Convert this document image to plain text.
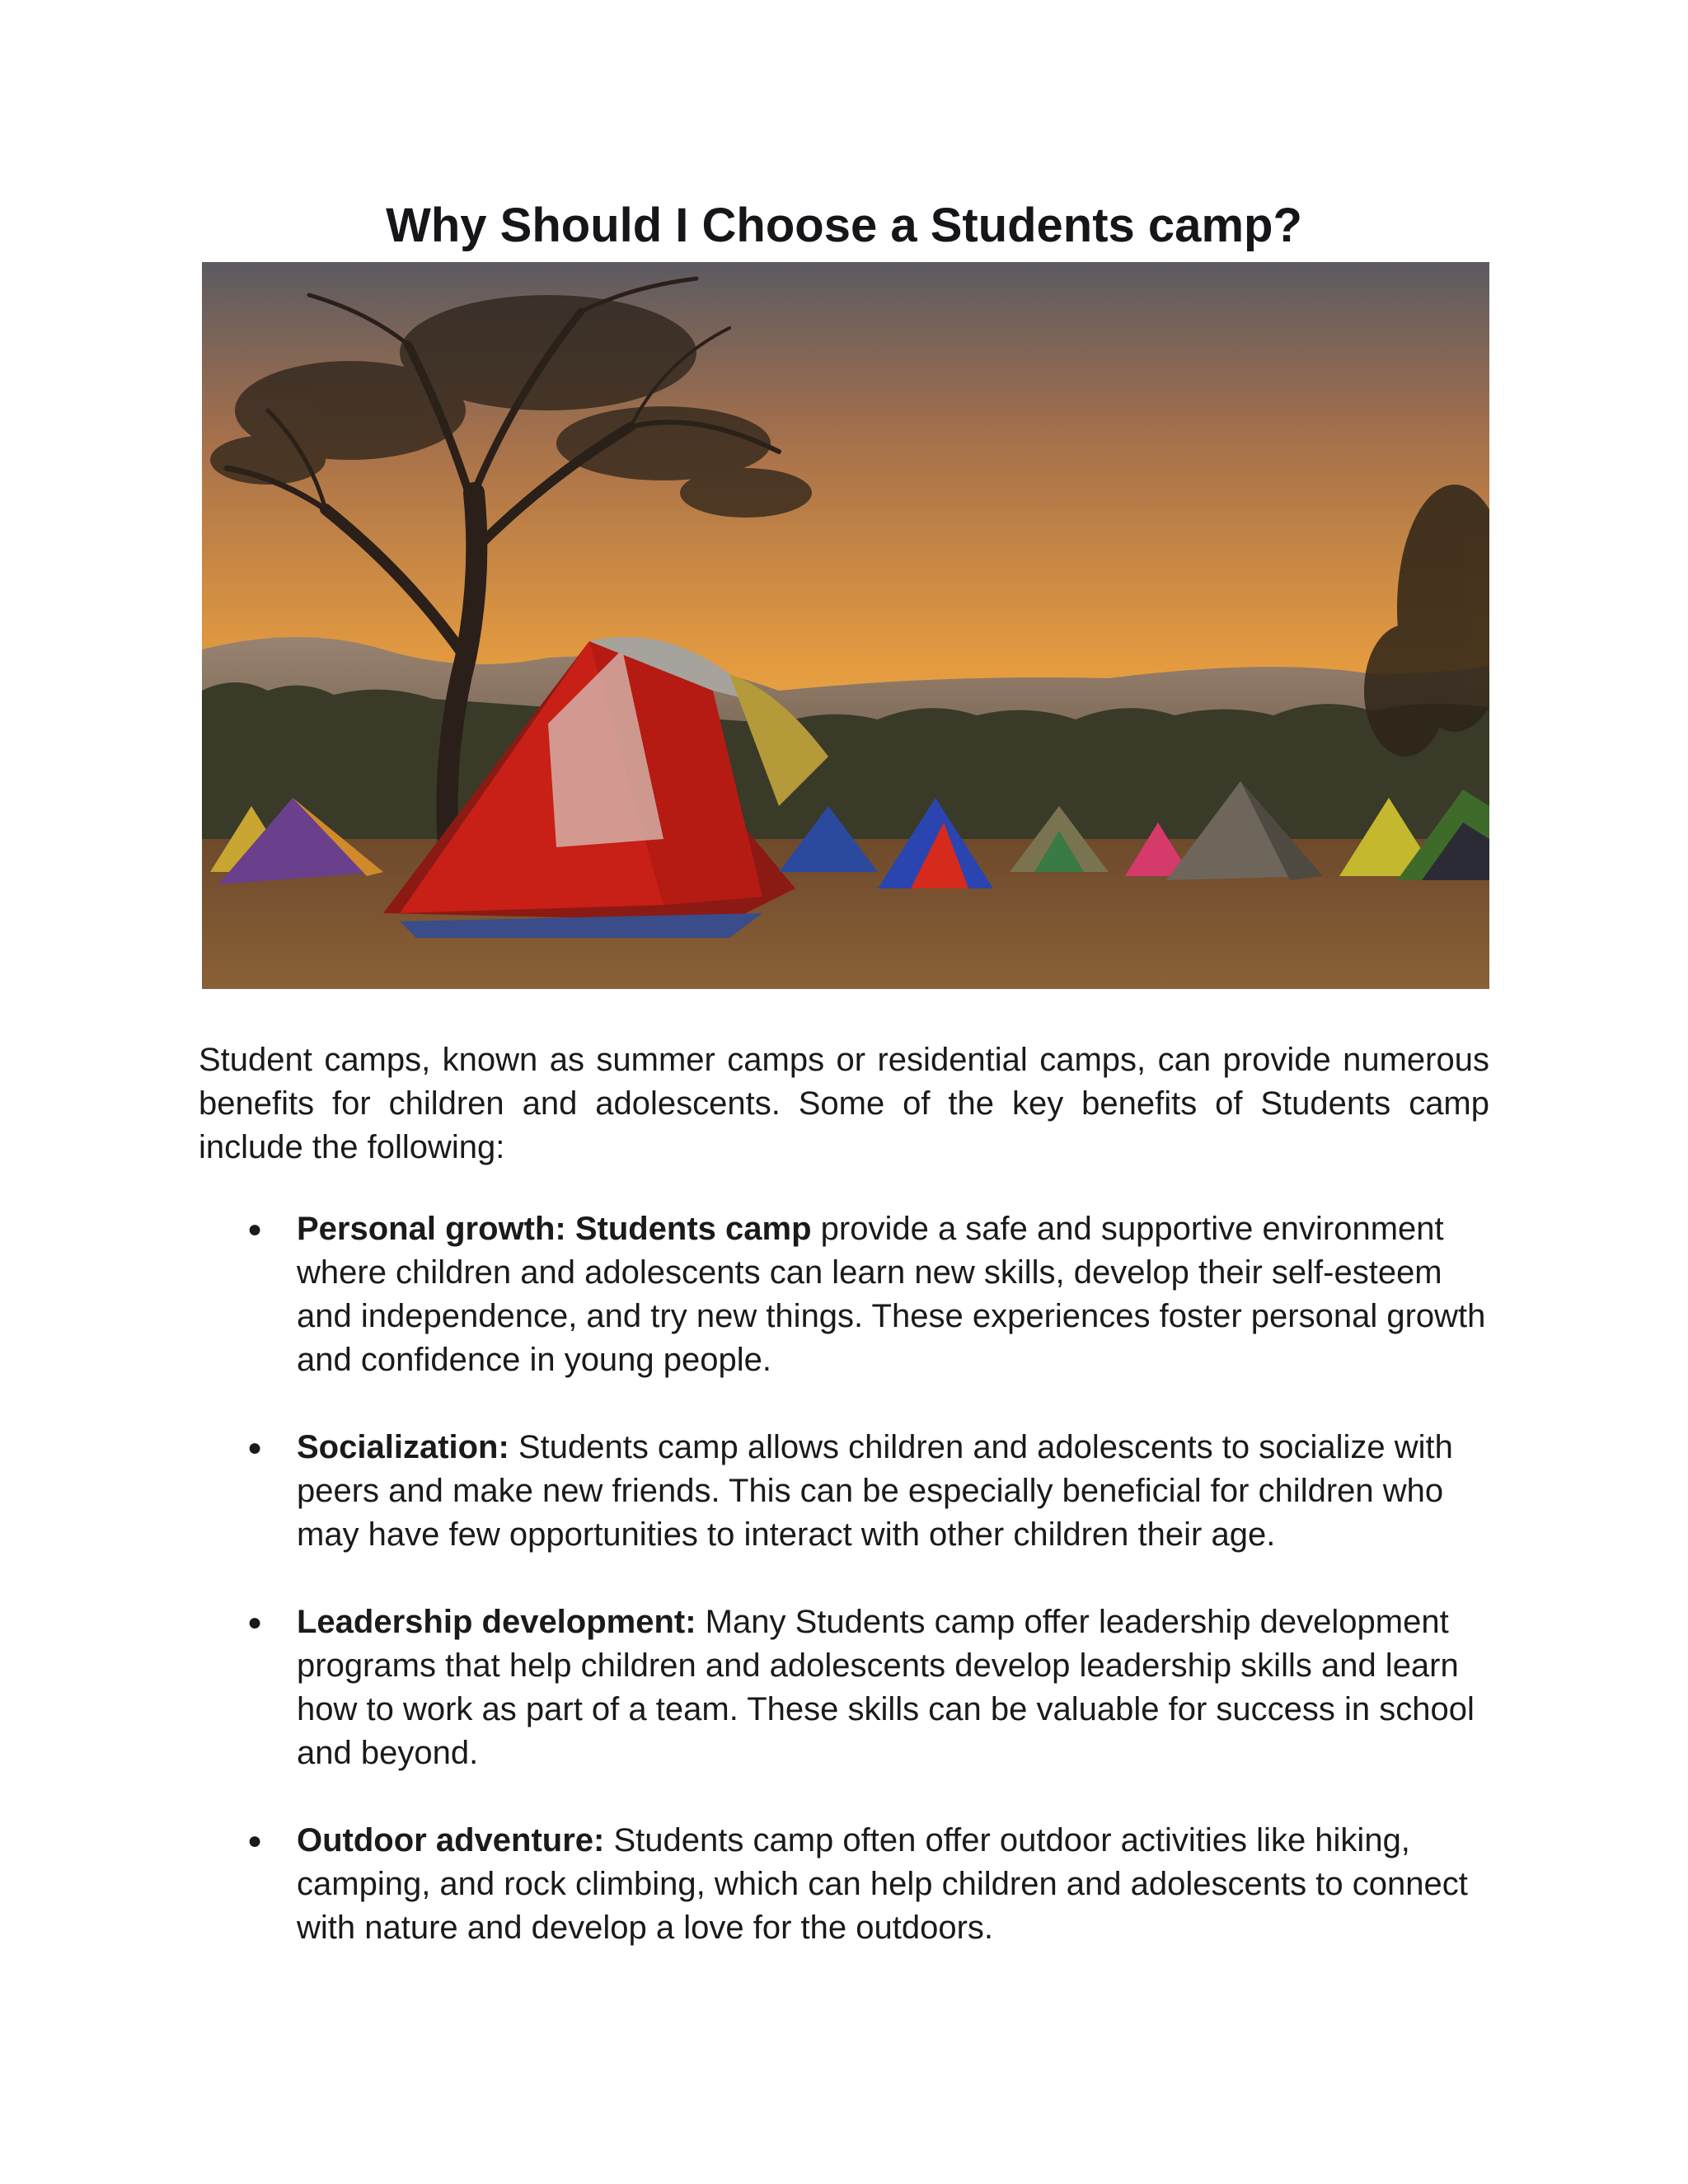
Why Should I Choose a Students camp?

Student camps, known as summer camps or residential camps, can provide numerous benefits for children and adolescents. Some of the key benefits of Students camp include the following:

● Personal growth: Students camp provide a safe and supportive environment where children and adolescents can learn new skills, develop their self-esteem and independence, and try new things. These experiences foster personal growth and confidence in young people.
● Socialization: Students camp allows children and adolescents to socialize with peers and make new friends. This can be especially beneficial for children who may have few opportunities to interact with other children their age.
● Leadership development: Many Students camp offer leadership development programs that help children and adolescents develop leadership skills and learn how to work as part of a team. These skills can be valuable for success in school and beyond.
● Outdoor adventure: Students camp often offer outdoor activities like hiking, camping, and rock climbing, which can help children and adolescents to connect with nature and develop a love for the outdoors.
